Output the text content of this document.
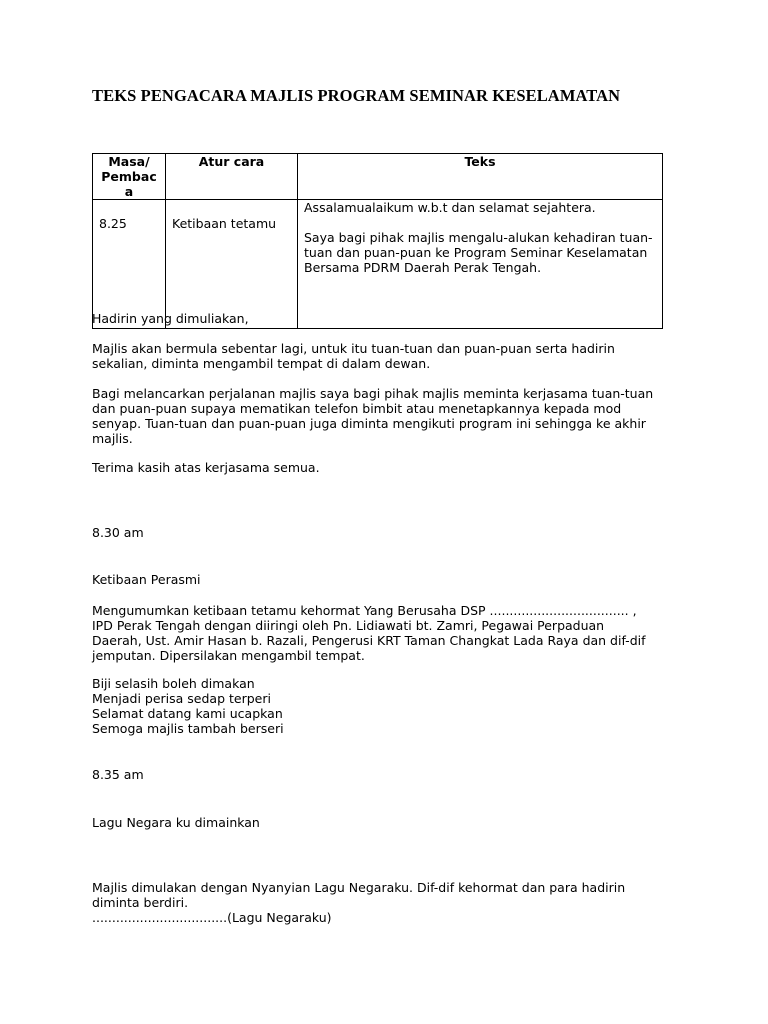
TEKS PENGACARA MAJLIS PROGRAM SEMINAR KESELAMATAN
Masa/ Pembac a	Atur cara	Teks
8.25	Ketibaan tetamu	Assalamualaikum w.b.t dan selamat sejahtera.

Saya bagi pihak majlis mengalu-alukan kehadiran tuan-tuan dan puan-puan ke Program Seminar Keselamatan Bersama PDRM Daerah Perak Tengah.

Hadirin yang dimuliakan,

Majlis akan bermula sebentar lagi, untuk itu tuan-tuan dan puan-puan serta hadirin
sekalian, diminta mengambil tempat di dalam dewan.

Bagi melancarkan perjalanan majlis saya bagi pihak majlis meminta kerjasama tuan-tuan
dan puan-puan supaya mematikan telefon bimbit atau menetapkannya kepada mod
senyap. Tuan-tuan dan puan-puan juga diminta mengikuti program ini sehingga ke akhir
majlis.

Terima kasih atas kerjasama semua.

8.30 am

Ketibaan Perasmi

Mengumumkan ketibaan tetamu kehormat Yang Berusaha DSP ................................... ,
IPD Perak Tengah dengan diiringi oleh Pn. Lidiawati bt. Zamri, Pegawai Perpaduan
Daerah, Ust. Amir Hasan b. Razali, Pengerusi KRT Taman Changkat Lada Raya dan dif-dif
jemputan. Dipersilakan mengambil tempat.

Biji selasih boleh dimakan
Menjadi perisa sedap terperi
Selamat datang kami ucapkan
Semoga majlis tambah berseri

8.35 am

Lagu Negara ku dimainkan

Majlis dimulakan dengan Nyanyian Lagu Negaraku. Dif-dif kehormat dan para hadirin
diminta berdiri.
..................................(Lagu Negaraku)
